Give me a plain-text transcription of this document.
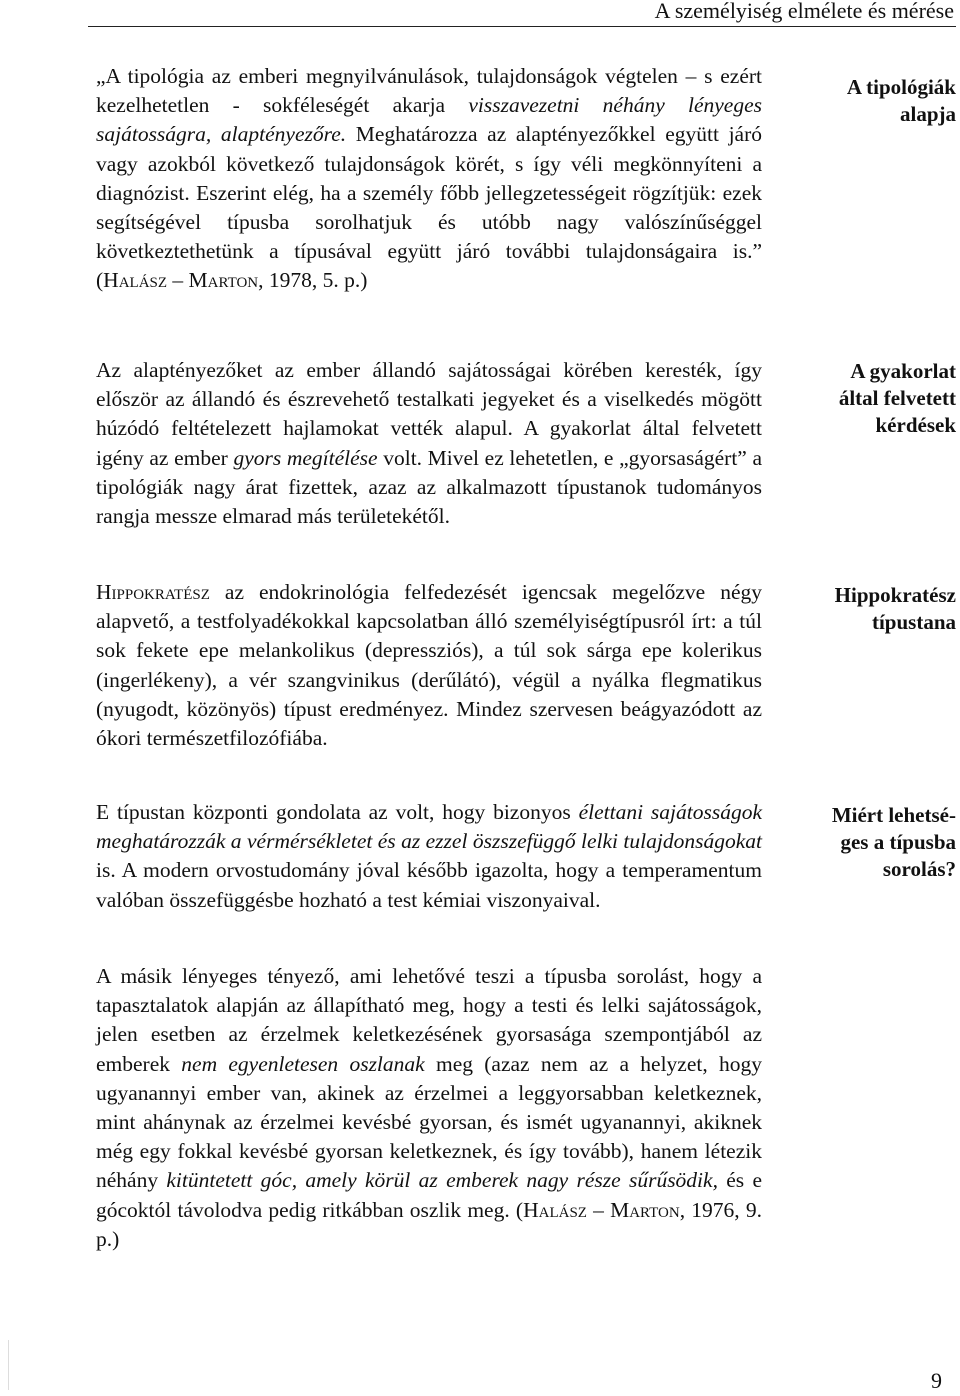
A személyiség elmélete és mérése

„A tipológia az emberi megnyilvánulások, tulajdonságok végtelen – s ezért kezelhetetlen - sokféleségét akarja visszavezetni néhány lényeges sajátosságra, alaptényezőre. Meghatározza az alaptényezőkkel együtt járó vagy azokból következő tulajdonságok körét, s így véli megkönnyíteni a diagnózist. Eszerint elég, ha a személy főbb jellegzetességeit rögzítjük: ezek segítségével típusba sorolhatjuk és utóbb nagy valószínűséggel következtethetünk a típusával együtt járó további tulajdonságaira is.” (Halász – Marton, 1978, 5. p.)

Az alaptényezőket az ember állandó sajátosságai körében keresték, így először az állandó és észrevehető testalkati jegyeket és a viselkedés mögött húzódó feltételezett hajlamokat vették alapul. A gyakorlat által felvetett igény az ember gyors megítélése volt. Mivel ez lehetetlen, e „gyorsaságért” a tipológiák nagy árat fizettek, azaz az alkalmazott típustanok tudományos rangja messze elmarad más területekétől.

Hippokratész az endokrinológia felfedezését igencsak megelőzve négy alapvető, a testfolyadékokkal kapcsolatban álló személyiségtípusról írt: a túl sok fekete epe melankolikus (depressziós), a túl sok sárga epe kolerikus (ingerlékeny), a vér szangvinikus (derűlátó), végül a nyálka flegmatikus (nyugodt, közönyös) típust eredményez. Mindez szervesen beágyazódott az ókori természetfilozófiába.

E típustan központi gondolata az volt, hogy bizonyos élettani sajátosságok meghatározzák a vérmérsékletet és az ezzel öszszefüggő lelki tulajdonságokat is. A modern orvostudomány jóval később igazolta, hogy a temperamentum valóban összefüggésbe hozható a test kémiai viszonyaival.

A másik lényeges tényező, ami lehetővé teszi a típusba sorolást, hogy a tapasztalatok alapján az állapítható meg, hogy a testi és lelki sajátosságok, jelen esetben az érzelmek keletkezésének gyorsasága szempontjából az emberek nem egyenletesen oszlanak meg (azaz nem az a helyzet, hogy ugyanannyi ember van, akinek az érzelmei a leggyorsabban keletkeznek, mint ahánynak az érzelmei kevésbé gyorsan, és ismét ugyanannyi, akiknek még egy fokkal kevésbé gyorsan keletkeznek, és így tovább), hanem létezik néhány kitüntetett góc, amely körül az emberek nagy része sűrűsödik, és e gócoktól távolodva pedig ritkábban oszlik meg. (Halász – Marton, 1976, 9. p.)

A tipológiák
alapja
A gyakorlat
által felvetett
kérdések
Hippokratész
típustana
Miért lehetsé-
ges a típusba
sorolás?
9
